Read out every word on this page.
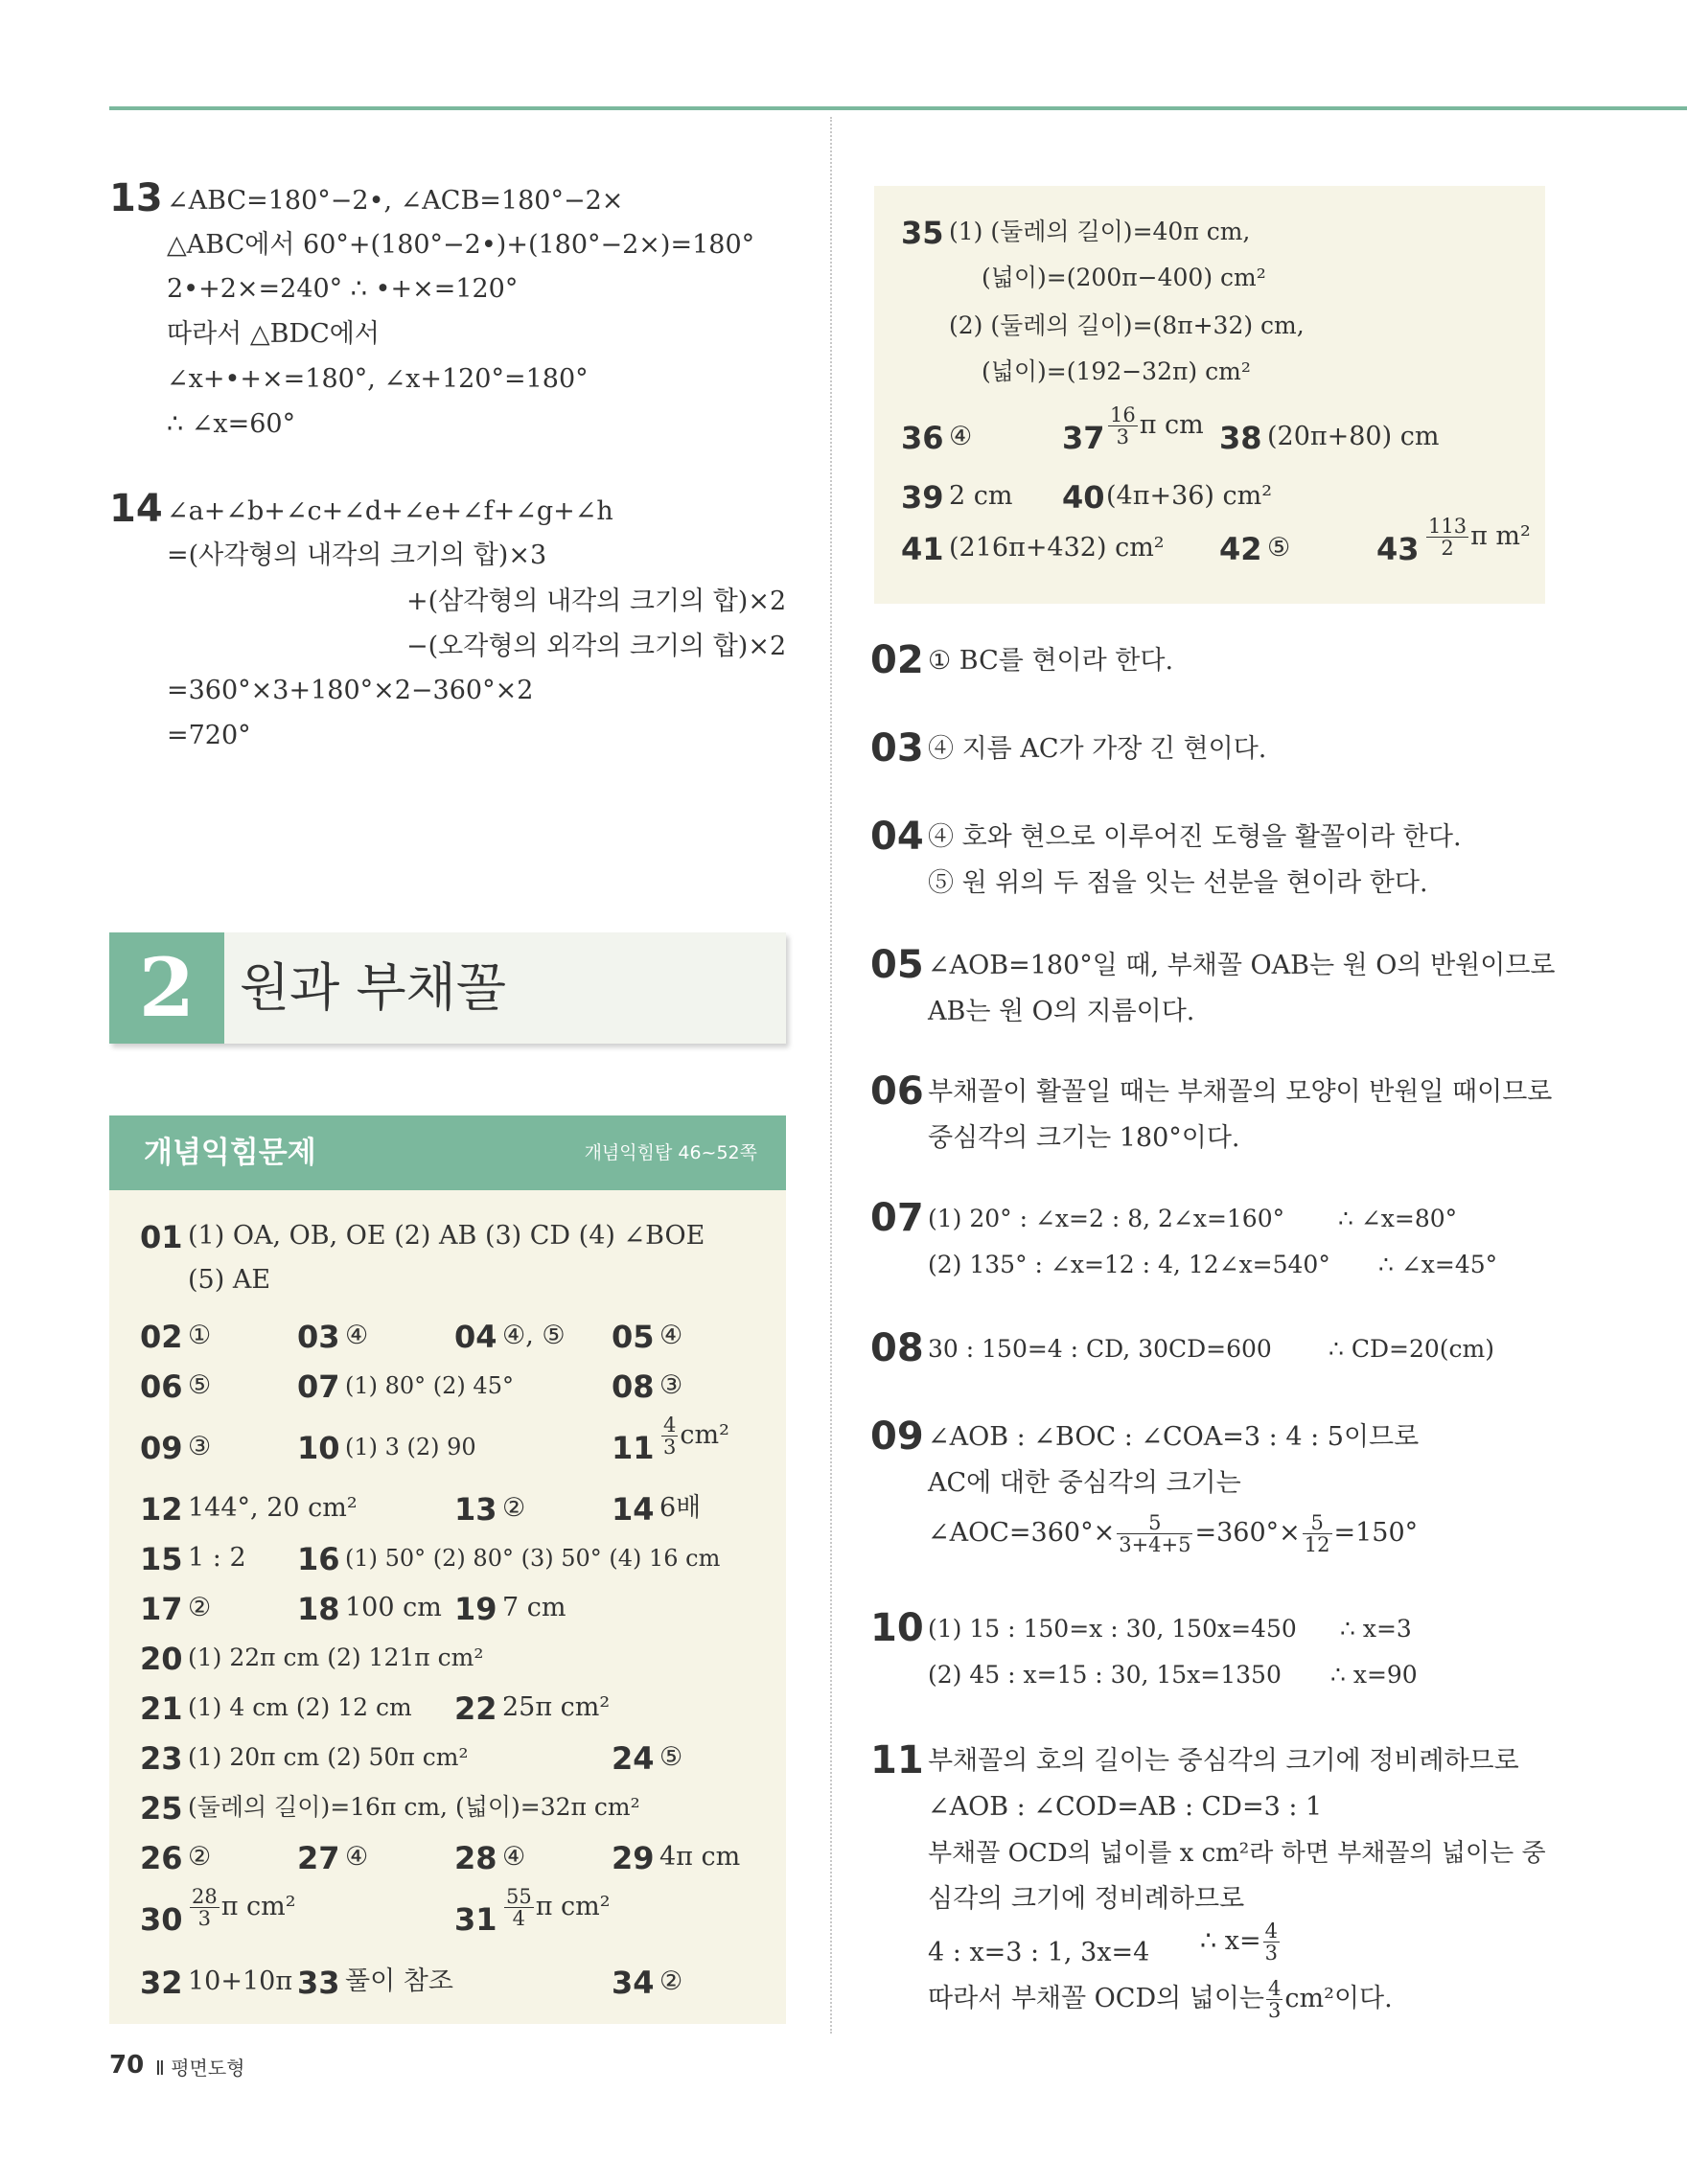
13 ∠ABC=180°−2•, ∠ACB=180°−2×
△ABC에서 60°+(180°−2•)+(180°−2×)=180°
2•+2×=240° ∴ •+×=120°
따라서 △BDC에서
∠x+•+×=180°, ∠x+120°=180°
∴ ∠x=60°
14 ∠a+∠b+∠c+∠d+∠e+∠f+∠g+∠h
=(사각형의 내각의 크기의 합)×3
+(삼각형의 내각의 크기의 합)×2
−(오각형의 외각의 크기의 합)×2
=360°×3+180°×2−360°×2
=720°
2 원과 부채꼴
개념익힘문제	개념익힘탑 46~52쪽
01 (1) OA, OB, OE (2) AB (3) CD (4) ∠BOE
(5) AE
02 ①	03 ④	04 ④, ⑤ 05 ④
06 ⑤	07 (1) 80° (2) 45°	08 ③
09 ③	10 (1) 3 (2) 90	$11 \frac{4}{3} cm^2$
12 144°, 20 cm²	13 ②	14 6배
15 1 : 2 16 (1) 50° (2) 80° (3) 50° (4) 16 cm
17 ②	18 100 cm 19 7 cm
20 (1) 22π cm (2) 121π cm²
21 (1) 4 cm (2) 12 cm 22 25π cm²
23 (1) 20π cm (2) 50π cm²	24 ⑤
25 (둘레의 길이)=16π cm, (넓이)=32π cm²
26 ②	27 ④	28 ④	29 4π cm
$30 \frac{28}{3}$ π cm²	$31 \frac{55}{4}$ π cm²
32 10+10π 33 풀이 참조	34 ②
70 Ⅱ 평면도형
35 (1) (둘레의 길이)=40π cm,
(넓이)=(200π−400) cm²
(2) (둘레의 길이)=(8π+32) cm,
(넓이)=(192−32π) cm²
36 ④	$37 \frac{16}{3}$ π cm 38 (20π+80) cm
39 2 cm 40 (4π+36) cm²
41 (216π+432) cm² 42 ⑤	$43 \frac{113}{2}$ π m²
02 ① BC를 현이라 한다.
03 ④ 지름 AC가 가장 긴 현이다.
04 ④ 호와 현으로 이루어진 도형을 활꼴이라 한다.
⑤ 원 위의 두 점을 잇는 선분을 현이라 한다.
05 ∠AOB=180°일 때, 부채꼴 OAB는 원 O의 반원이므로
AB는 원 O의 지름이다.
06 부채꼴이 활꼴일 때는 부채꼴의 모양이 반원일 때이므로
중심각의 크기는 180°이다.
07 (1) 20° : ∠x=2 : 8, 2∠x=160° ∴ ∠x=80°
(2) 135° : ∠x=12 : 4, 12∠x=540° ∴ ∠x=45°
08 30 : 150=4 : CD, 30CD=600 ∴ CD=20(cm)
09 ∠AOB : ∠BOC : ∠COA=3 : 4 : 5이므로
AC에 대한 중심각의 크기는
∠AOC=360°× $\frac{5}{3+4+5} =360^\circ\times \frac{5}{12} =150^\circ$
10 (1) 15 : 150=x : 30, 150x=450 ∴ x=3
(2) 45 : x=15 : 30, 15x=1350 ∴ x=90
11 부채꼴의 호의 길이는 중심각의 크기에 정비례하므로
∠AOB : ∠COD=AB : CD=3 : 1
부채꼴 OCD의 넓이를 x cm²라 하면 부채꼴의 넓이는 중
심각의 크기에 정비례하므로
4 : x=3 : 1, 3x=4 ∴ $x= \frac{4}{3}$
따라서 부채꼴 OCD의 넓이는 $\frac{4}{3} cm^2$이다.
